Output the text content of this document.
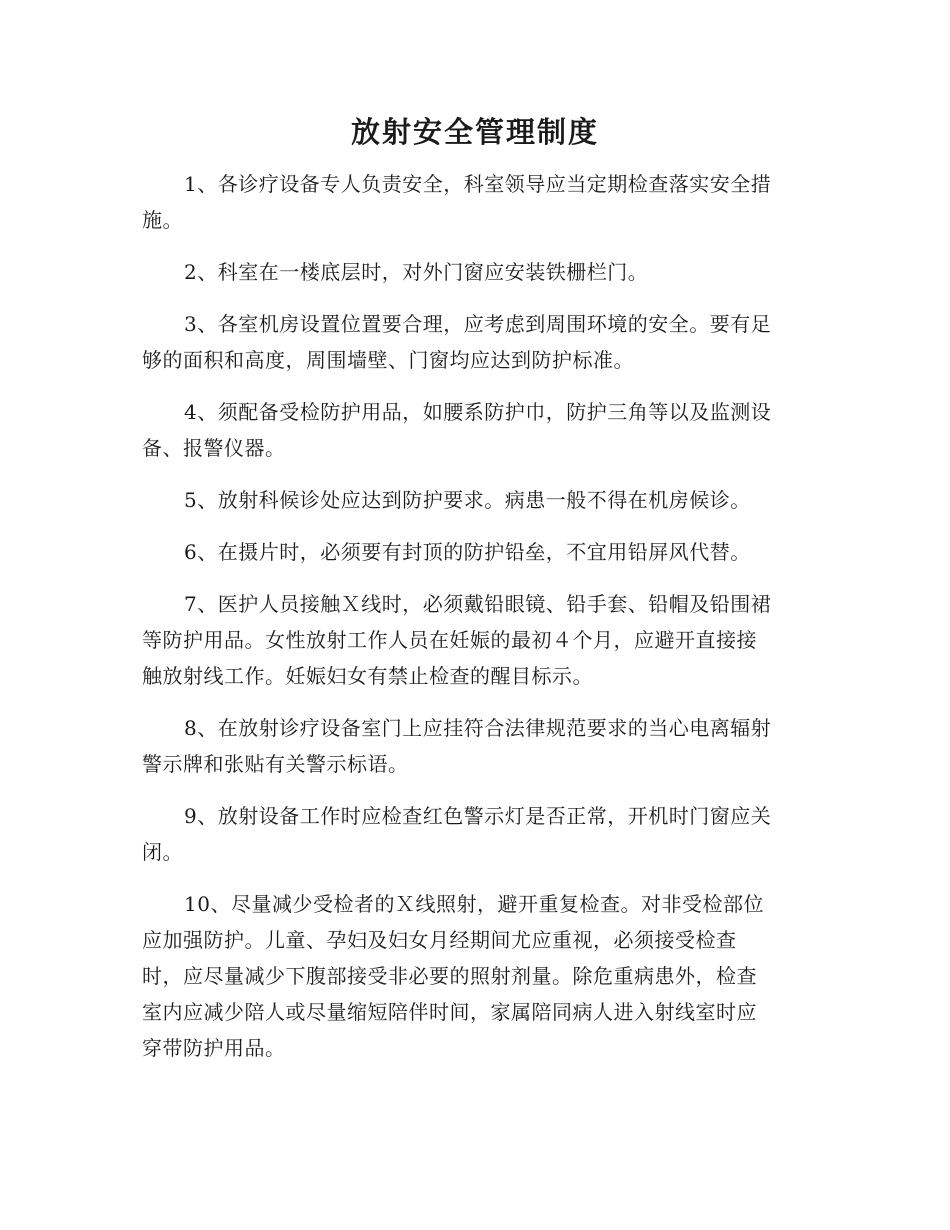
放射安全管理制度

1、各诊疗设备专人负责安全，科室领导应当定期检查落实安全措
施。

2、科室在一楼底层时，对外门窗应安装铁栅栏门。

3、各室机房设置位置要合理，应考虑到周围环境的安全。要有足
够的面积和高度，周围墙壁、门窗均应达到防护标准。

4、须配备受检防护用品，如腰系防护巾，防护三角等以及监测设
备、报警仪器。

5、放射科候诊处应达到防护要求。病患一般不得在机房候诊。

6、在摄片时，必须要有封顶的防护铅垒，不宜用铅屏风代替。

7、医护人员接触Ｘ线时，必须戴铅眼镜、铅手套、铅帽及铅围裙
等防护用品。女性放射工作人员在妊娠的最初４个月，应避开直接接
触放射线工作。妊娠妇女有禁止检查的醒目标示。

8、在放射诊疗设备室门上应挂符合法律规范要求的当心电离辐射
警示牌和张贴有关警示标语。

9、放射设备工作时应检查红色警示灯是否正常，开机时门窗应关
闭。

10、尽量减少受检者的Ｘ线照射，避开重复检查。对非受检部位
应加强防护。儿童、孕妇及妇女月经期间尤应重视，必须接受检查
时，应尽量减少下腹部接受非必要的照射剂量。除危重病患外，检查
室内应减少陪人或尽量缩短陪伴时间，家属陪同病人进入射线室时应
穿带防护用品。
